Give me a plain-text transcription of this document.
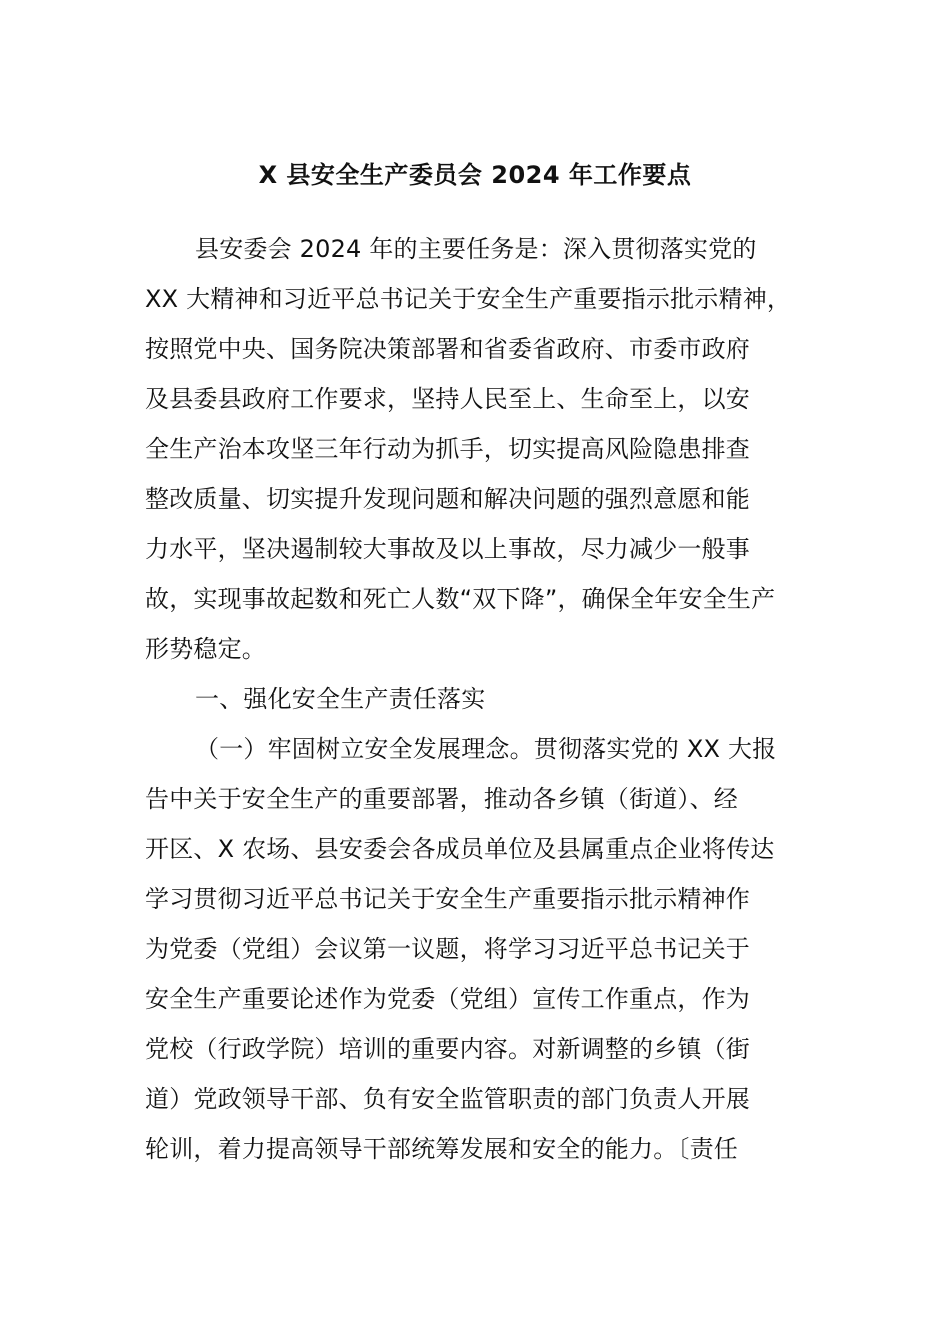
X 县安全生产委员会 2024 年工作要点
县安委会 2024 年的主要任务是：深入贯彻落实党的
XX 大精神和习近平总书记关于安全生产重要指示批示精神，
按照党中央、国务院决策部署和省委省政府、市委市政府
及县委县政府工作要求，坚持人民至上、生命至上，以安
全生产治本攻坚三年行动为抓手，切实提高风险隐患排查
整改质量、切实提升发现问题和解决问题的强烈意愿和能
力水平，坚决遏制较大事故及以上事故，尽力减少一般事
故，实现事故起数和死亡人数“双下降”，确保全年安全生产
形势稳定。
一、强化安全生产责任落实
（一）牢固树立安全发展理念。贯彻落实党的 XX 大报
告中关于安全生产的重要部署，推动各乡镇（街道）、经
开区、X 农场、县安委会各成员单位及县属重点企业将传达
学习贯彻习近平总书记关于安全生产重要指示批示精神作
为党委（党组）会议第一议题，将学习习近平总书记关于
安全生产重要论述作为党委（党组）宣传工作重点，作为
党校（行政学院）培训的重要内容。对新调整的乡镇（街
道）党政领导干部、负有安全监管职责的部门负责人开展
轮训，着力提高领导干部统筹发展和安全的能力。〔责任
